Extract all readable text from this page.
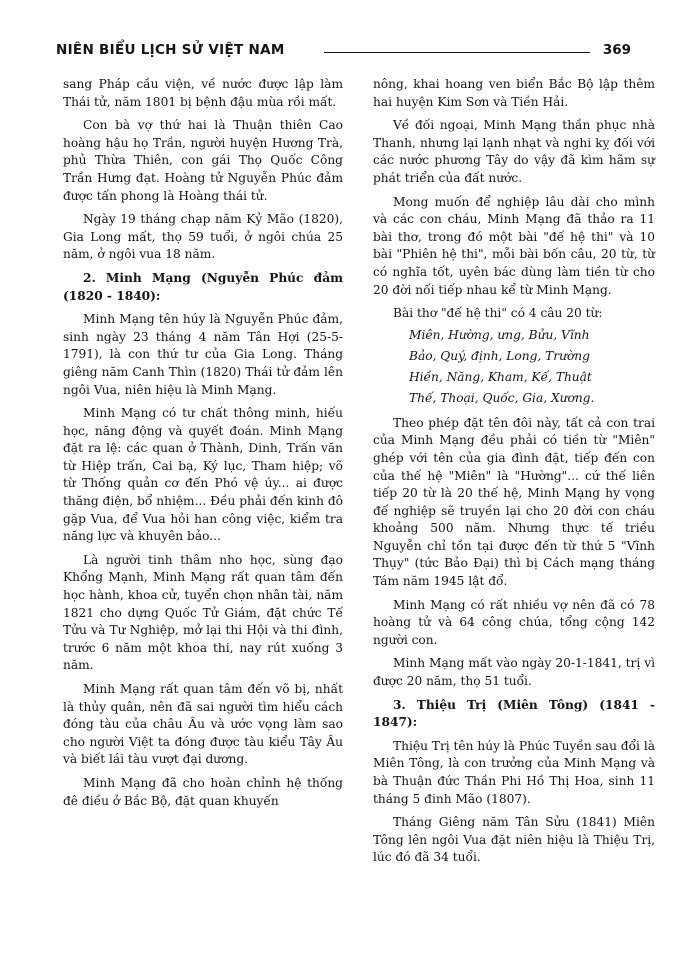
NIÊN BIỂU LỊCH SỬ VIỆT NAM	369

sang Pháp cầu viện, về nước được lập làm Thái tử, năm 1801 bị bệnh đậu mùa rồi mất.

Con bà vợ thứ hai là Thuận thiên Cao hoàng hậu họ Trần, người huyện Hương Trà, phủ Thừa Thiên, con gái Thọ Quốc Công Trần Hưng đạt. Hoàng tử Nguyễn Phúc đảm được tấn phong là Hoàng thái tử.

Ngày 19 tháng chạp năm Kỷ Mão (1820), Gia Long mất, thọ 59 tuổi, ở ngôi chúa 25 năm, ở ngôi vua 18 năm.

2. Minh Mạng (Nguyễn Phúc đảm (1820 - 1840):

Minh Mạng tên húy là Nguyễn Phúc đảm, sinh ngày 23 tháng 4 năm Tân Hợi (25-5-1791), là con thứ tư của Gia Long. Tháng giêng năm Canh Thìn (1820) Thái tử đảm lên ngôi Vua, niên hiệu là Minh Mạng.

Minh Mạng có tư chất thông minh, hiếu học, năng động và quyết đoán. Minh Mạng đặt ra lệ: các quan ở Thành, Dinh, Trấn văn từ Hiệp trấn, Cai bạ, Ký lục, Tham hiệp; võ từ Thống quản cơ đến Phó vệ úy... ai được thăng điện, bổ nhiệm... Đều phải đến kinh đô gặp Vua, để Vua hỏi han công việc, kiểm tra năng lực và khuyên bảo...

Là người tinh thâm nho học, sùng đạo Khổng Mạnh, Minh Mạng rất quan tâm đến học hành, khoa cử, tuyển chọn nhân tài, năm 1821 cho dựng Quốc Tử Giám, đặt chức Tế Tửu và Tư Nghiệp, mở lại thi Hội và thi đình, trước 6 năm một khoa thi, nay rút xuống 3 năm.

Minh Mạng rất quan tâm đến võ bị, nhất là thủy quân, nên đã sai người tìm hiểu cách đóng tàu của châu Âu và ước vọng làm sao cho người Việt ta đóng được tàu kiểu Tây Âu và biết lái tàu vượt đại dương.

Minh Mạng đã cho hoàn chỉnh hệ thống đê điều ở Bắc Bộ, đặt quan khuyến

nông, khai hoang ven biển Bắc Bộ lập thêm hai huyện Kim Sơn và Tiền Hải.

Về đối ngoại, Minh Mạng thần phục nhà Thanh, nhưng lại lạnh nhạt và nghi kỵ đối với các nước phương Tây do vậy đã kìm hãm sự phát triển của đất nước.

Mong muốn để nghiệp lâu dài cho mình và các con cháu, Minh Mạng đã thảo ra 11 bài thơ, trong đó một bài "đế hệ thi" và 10 bài "Phiên hệ thi", mỗi bài bốn câu, 20 từ, từ có nghĩa tốt, uyên bác dùng làm tiền từ cho 20 đời nối tiếp nhau kể từ Minh Mạng.

Bài thơ "đế hệ thi" có 4 câu 20 từ:

Miên, Hường, ưng, Bửu, Vĩnh
Bảo, Quý, định, Long, Trường
Hiền, Năng, Kham, Kế, Thuật
Thế, Thoại, Quốc, Gia, Xương.

Theo phép đặt tên đôi này, tất cả con trai của Minh Mạng đều phải có tiền từ "Miên" ghép với tên của gia đình đặt, tiếp đến con của thế hệ "Miên" là "Hường"... cứ thế liên tiếp 20 từ là 20 thế hệ, Minh Mạng hy vọng đế nghiệp sẽ truyền lại cho 20 đời con cháu khoảng 500 năm. Nhưng thực tế triều Nguyễn chỉ tồn tại được đến từ thứ 5 "Vĩnh Thụy" (tức Bảo Đại) thì bị Cách mạng tháng Tám năm 1945 lật đổ.

Minh Mạng có rất nhiều vợ nên đã có 78 hoàng tử và 64 công chúa, tổng cộng 142 người con.

Minh Mạng mất vào ngày 20-1-1841, trị vì được 20 năm, thọ 51 tuổi.

3. Thiệu Trị (Miên Tông) (1841 - 1847):

Thiệu Trị tên húy là Phúc Tuyền sau đổi là Miên Tông, là con trưởng của Minh Mạng và bà Thuận đức Thần Phi Hồ Thị Hoa, sinh 11 tháng 5 đinh Mão (1807).

Tháng Giêng năm Tân Sửu (1841) Miên Tông lên ngôi Vua đặt niên hiệu là Thiệu Trị, lúc đó đã 34 tuổi.
